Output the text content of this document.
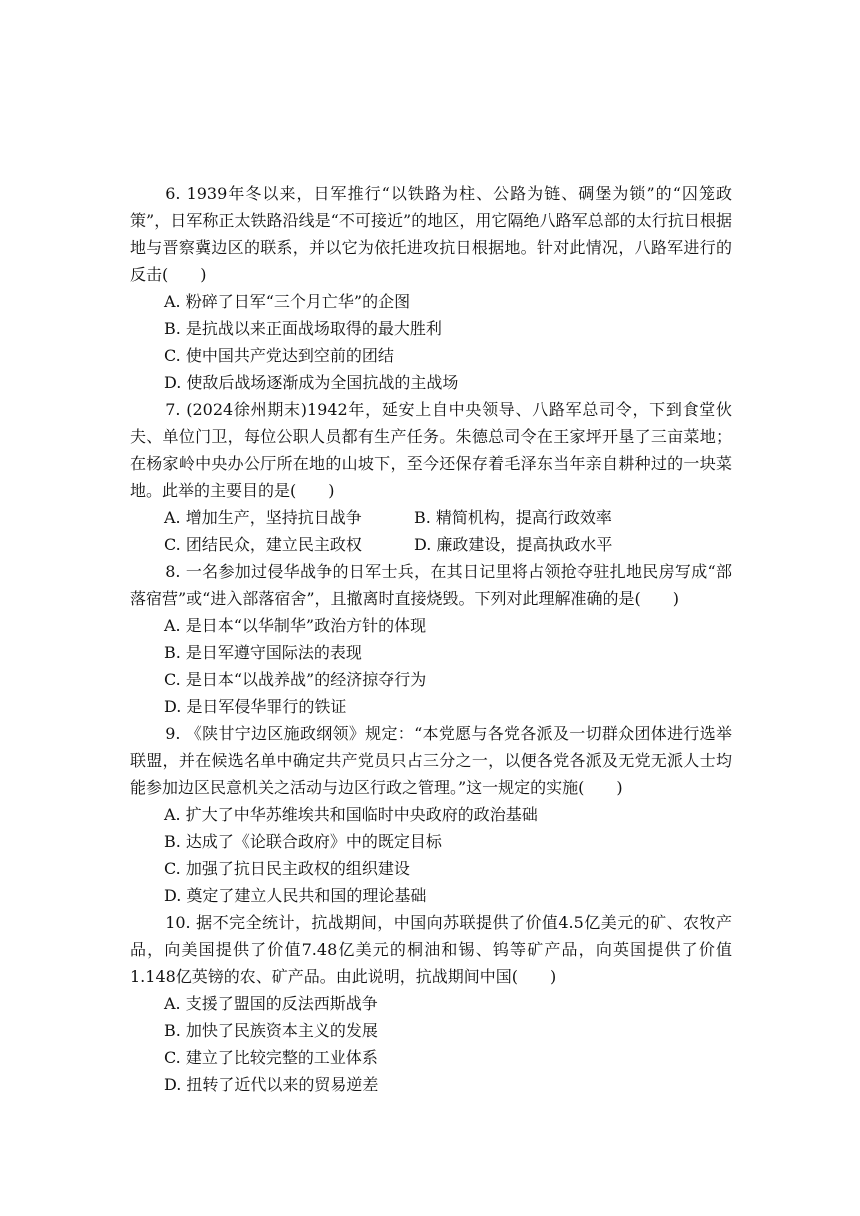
6. 1939年冬以来，日军推行“以铁路为柱、公路为链、碉堡为锁”的“囚笼政策”，日军称正太铁路沿线是“不可接近”的地区，用它隔绝八路军总部的太行抗日根据地与晋察冀边区的联系，并以它为依托进攻抗日根据地。针对此情况，八路军进行的反击(　　)

A. 粉碎了日军“三个月亡华”的企图

B. 是抗战以来正面战场取得的最大胜利

C. 使中国共产党达到空前的团结

D. 使敌后战场逐渐成为全国抗战的主战场

7. (2024徐州期末)1942年，延安上自中央领导、八路军总司令，下到食堂伙夫、单位门卫，每位公职人员都有生产任务。朱德总司令在王家坪开垦了三亩菜地；在杨家岭中央办公厅所在地的山坡下，至今还保存着毛泽东当年亲自耕种过的一块菜地。此举的主要目的是(　　)

A. 增加生产，坚持抗日战争	B. 精简机构，提高行政效率

C. 团结民众，建立民主政权	D. 廉政建设，提高执政水平

8. 一名参加过侵华战争的日军士兵，在其日记里将占领抢夺驻扎地民房写成“部落宿营”或“进入部落宿舍”，且撤离时直接烧毁。下列对此理解准确的是(　　)

A. 是日本“以华制华”政治方针的体现

B. 是日军遵守国际法的表现

C. 是日本“以战养战”的经济掠夺行为

D. 是日军侵华罪行的铁证

9. 《陕甘宁边区施政纲领》规定：“本党愿与各党各派及一切群众团体进行选举联盟，并在候选名单中确定共产党员只占三分之一，以便各党各派及无党无派人士均能参加边区民意机关之活动与边区行政之管理。”这一规定的实施(　　)

A. 扩大了中华苏维埃共和国临时中央政府的政治基础

B. 达成了《论联合政府》中的既定目标

C. 加强了抗日民主政权的组织建设

D. 奠定了建立人民共和国的理论基础

10. 据不完全统计，抗战期间，中国向苏联提供了价值4.5亿美元的矿、农牧产品，向美国提供了价值7.48亿美元的桐油和锡、钨等矿产品，向英国提供了价值1.148亿英镑的农、矿产品。由此说明，抗战期间中国(　　)

A. 支援了盟国的反法西斯战争

B. 加快了民族资本主义的发展

C. 建立了比较完整的工业体系

D. 扭转了近代以来的贸易逆差
